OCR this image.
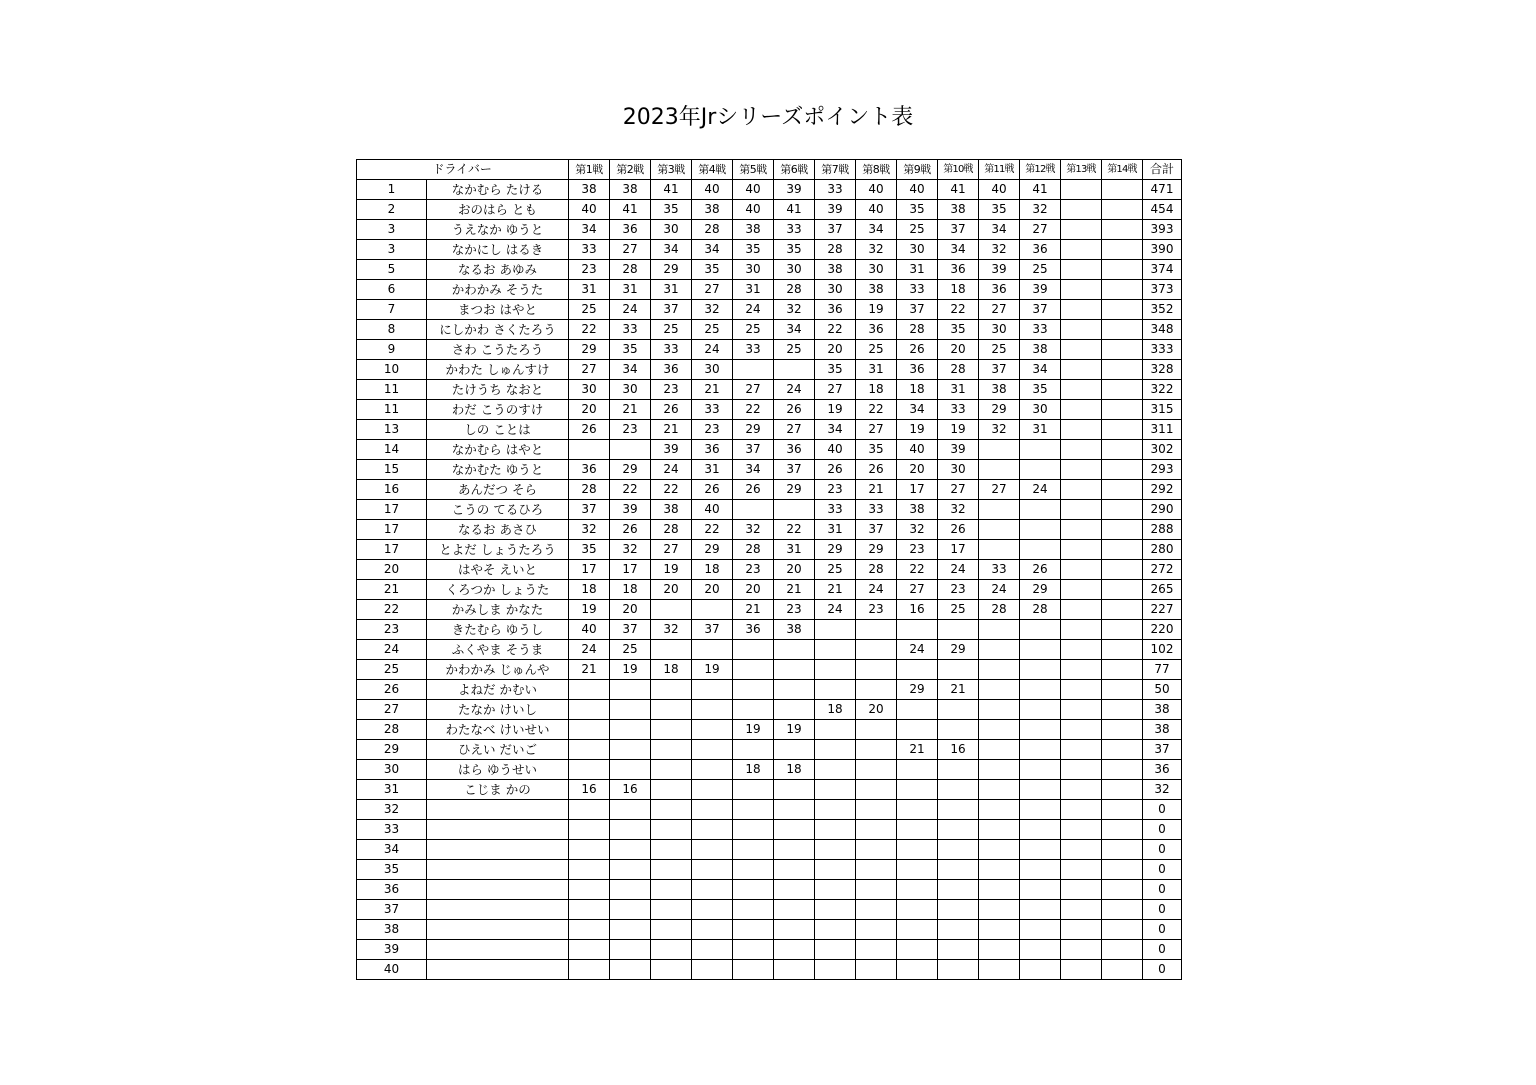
2023年Jrシリーズポイント表
	ドライバー	第1戦	第2戦	第3戦	第4戦	第5戦	第6戦	第7戦	第8戦	第9戦	第10戦	第11戦	第12戦	第13戦	第14戦	合計
1	なかむら たける	38	38	41	40	40	39	33	40	40	41	40	41			471
2	おのはら とも	40	41	35	38	40	41	39	40	35	38	35	32			454
3	うえなか ゆうと	34	36	30	28	38	33	37	34	25	37	34	27			393
3	なかにし はるき	33	27	34	34	35	35	28	32	30	34	32	36			390
5	なるお あゆみ	23	28	29	35	30	30	38	30	31	36	39	25			374
6	かわかみ そうた	31	31	31	27	31	28	30	38	33	18	36	39			373
7	まつお はやと	25	24	37	32	24	32	36	19	37	22	27	37			352
8	にしかわ さくたろう	22	33	25	25	25	34	22	36	28	35	30	33			348
9	さわ こうたろう	29	35	33	24	33	25	20	25	26	20	25	38			333
10	かわた しゅんすけ	27	34	36	30			35	31	36	28	37	34			328
11	たけうち なおと	30	30	23	21	27	24	27	18	18	31	38	35			322
11	わだ こうのすけ	20	21	26	33	22	26	19	22	34	33	29	30			315
13	しの ことは	26	23	21	23	29	27	34	27	19	19	32	31			311
14	なかむら はやと			39	36	37	36	40	35	40	39					302
15	なかむた ゆうと	36	29	24	31	34	37	26	26	20	30					293
16	あんだつ そら	28	22	22	26	26	29	23	21	17	27	27	24			292
17	こうの てるひろ	37	39	38	40			33	33	38	32					290
17	なるお あさひ	32	26	28	22	32	22	31	37	32	26					288
17	とよだ しょうたろう	35	32	27	29	28	31	29	29	23	17					280
20	はやそ えいと	17	17	19	18	23	20	25	28	22	24	33	26			272
21	くろつか しょうた	18	18	20	20	20	21	21	24	27	23	24	29			265
22	かみしま かなた	19	20			21	23	24	23	16	25	28	28			227
23	きたむら ゆうし	40	37	32	37	36	38									220
24	ふくやま そうま	24	25							24	29					102
25	かわかみ じゅんや	21	19	18	19											77
26	よねだ かむい									29	21					50
27	たなか けいし							18	20							38
28	わたなべ けいせい					19	19									38
29	ひえい だいご									21	16					37
30	はら ゆうせい					18	18									36
31	こじま かの	16	16													32
32																0
33																0
34																0
35																0
36																0
37																0
38																0
39																0
40																0
